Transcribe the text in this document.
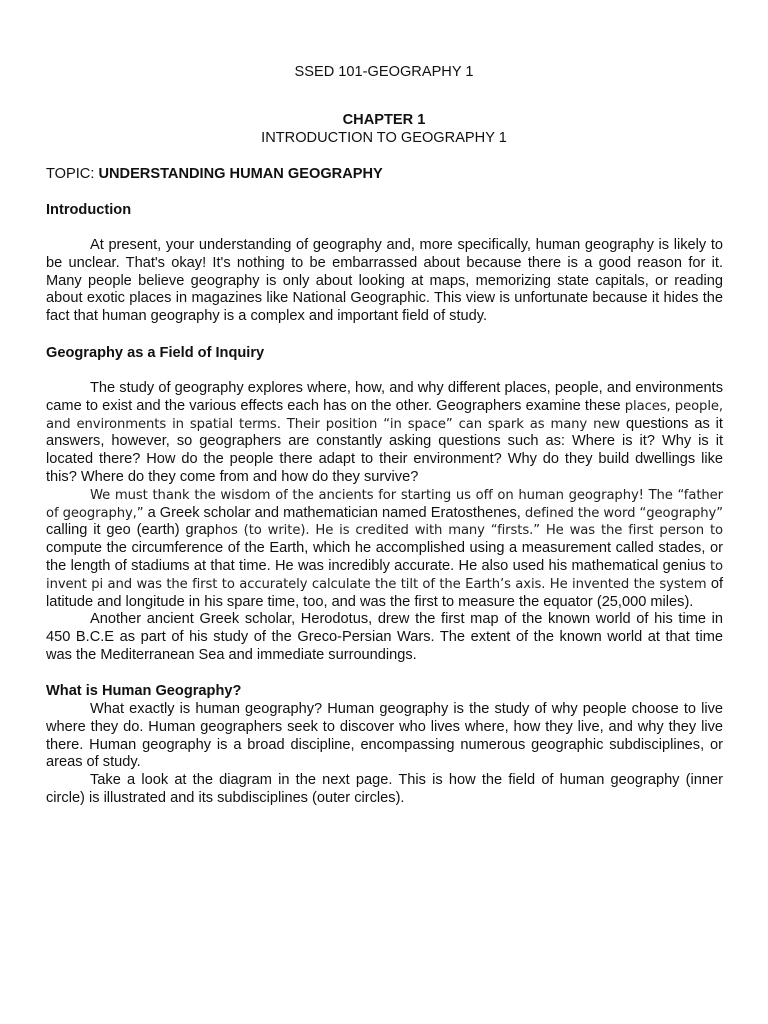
SSED 101-GEOGRAPHY 1
CHAPTER 1
INTRODUCTION TO GEOGRAPHY 1
TOPIC: UNDERSTANDING HUMAN GEOGRAPHY
Introduction

At present, your understanding of geography and, more specifically, human geography is likely to be unclear. That's okay! It's nothing to be embarrassed about because there is a good reason for it. Many people believe geography is only about looking at maps, memorizing state capitals, or reading about exotic places in magazines like National Geographic. This view is unfortunate because it hides the fact that human geography is a complex and important field of study.

Geography as a Field of Inquiry

The study of geography explores where, how, and why different places, people, and environments came to exist and the various effects each has on the other. Geographers examine these places, people, and environments in spatial terms. Their position “in space” can spark as many new questions as it answers, however, so geographers are constantly asking questions such as: Where is it? Why is it located there? How do the people there adapt to their environment? Why do they build dwellings like this? Where do they come from and how do they survive?

We must thank the wisdom of the ancients for starting us off on human geography! The “father of geography,” a Greek scholar and mathematician named Eratosthenes, defined the word “geography” calling it geo (earth) graphos (to write). He is credited with many “firsts.” He was the first person to compute the circumference of the Earth, which he accomplished using a measurement called stades, or the length of stadiums at that time. He was incredibly accurate. He also used his mathematical genius to invent pi and was the first to accurately calculate the tilt of the Earth’s axis. He invented the system of latitude and longitude in his spare time, too, and was the first to measure the equator (25,000 miles).

Another ancient Greek scholar, Herodotus, drew the first map of the known world of his time in 450 B.C.E as part of his study of the Greco-Persian Wars. The extent of the known world at that time was the Mediterranean Sea and immediate surroundings.

What is Human Geography?

What exactly is human geography? Human geography is the study of why people choose to live where they do. Human geographers seek to discover who lives where, how they live, and why they live there. Human geography is a broad discipline, encompassing numerous geographic subdisciplines, or areas of study.

Take a look at the diagram in the next page. This is how the field of human geography (inner circle) is illustrated and its subdisciplines (outer circles).
